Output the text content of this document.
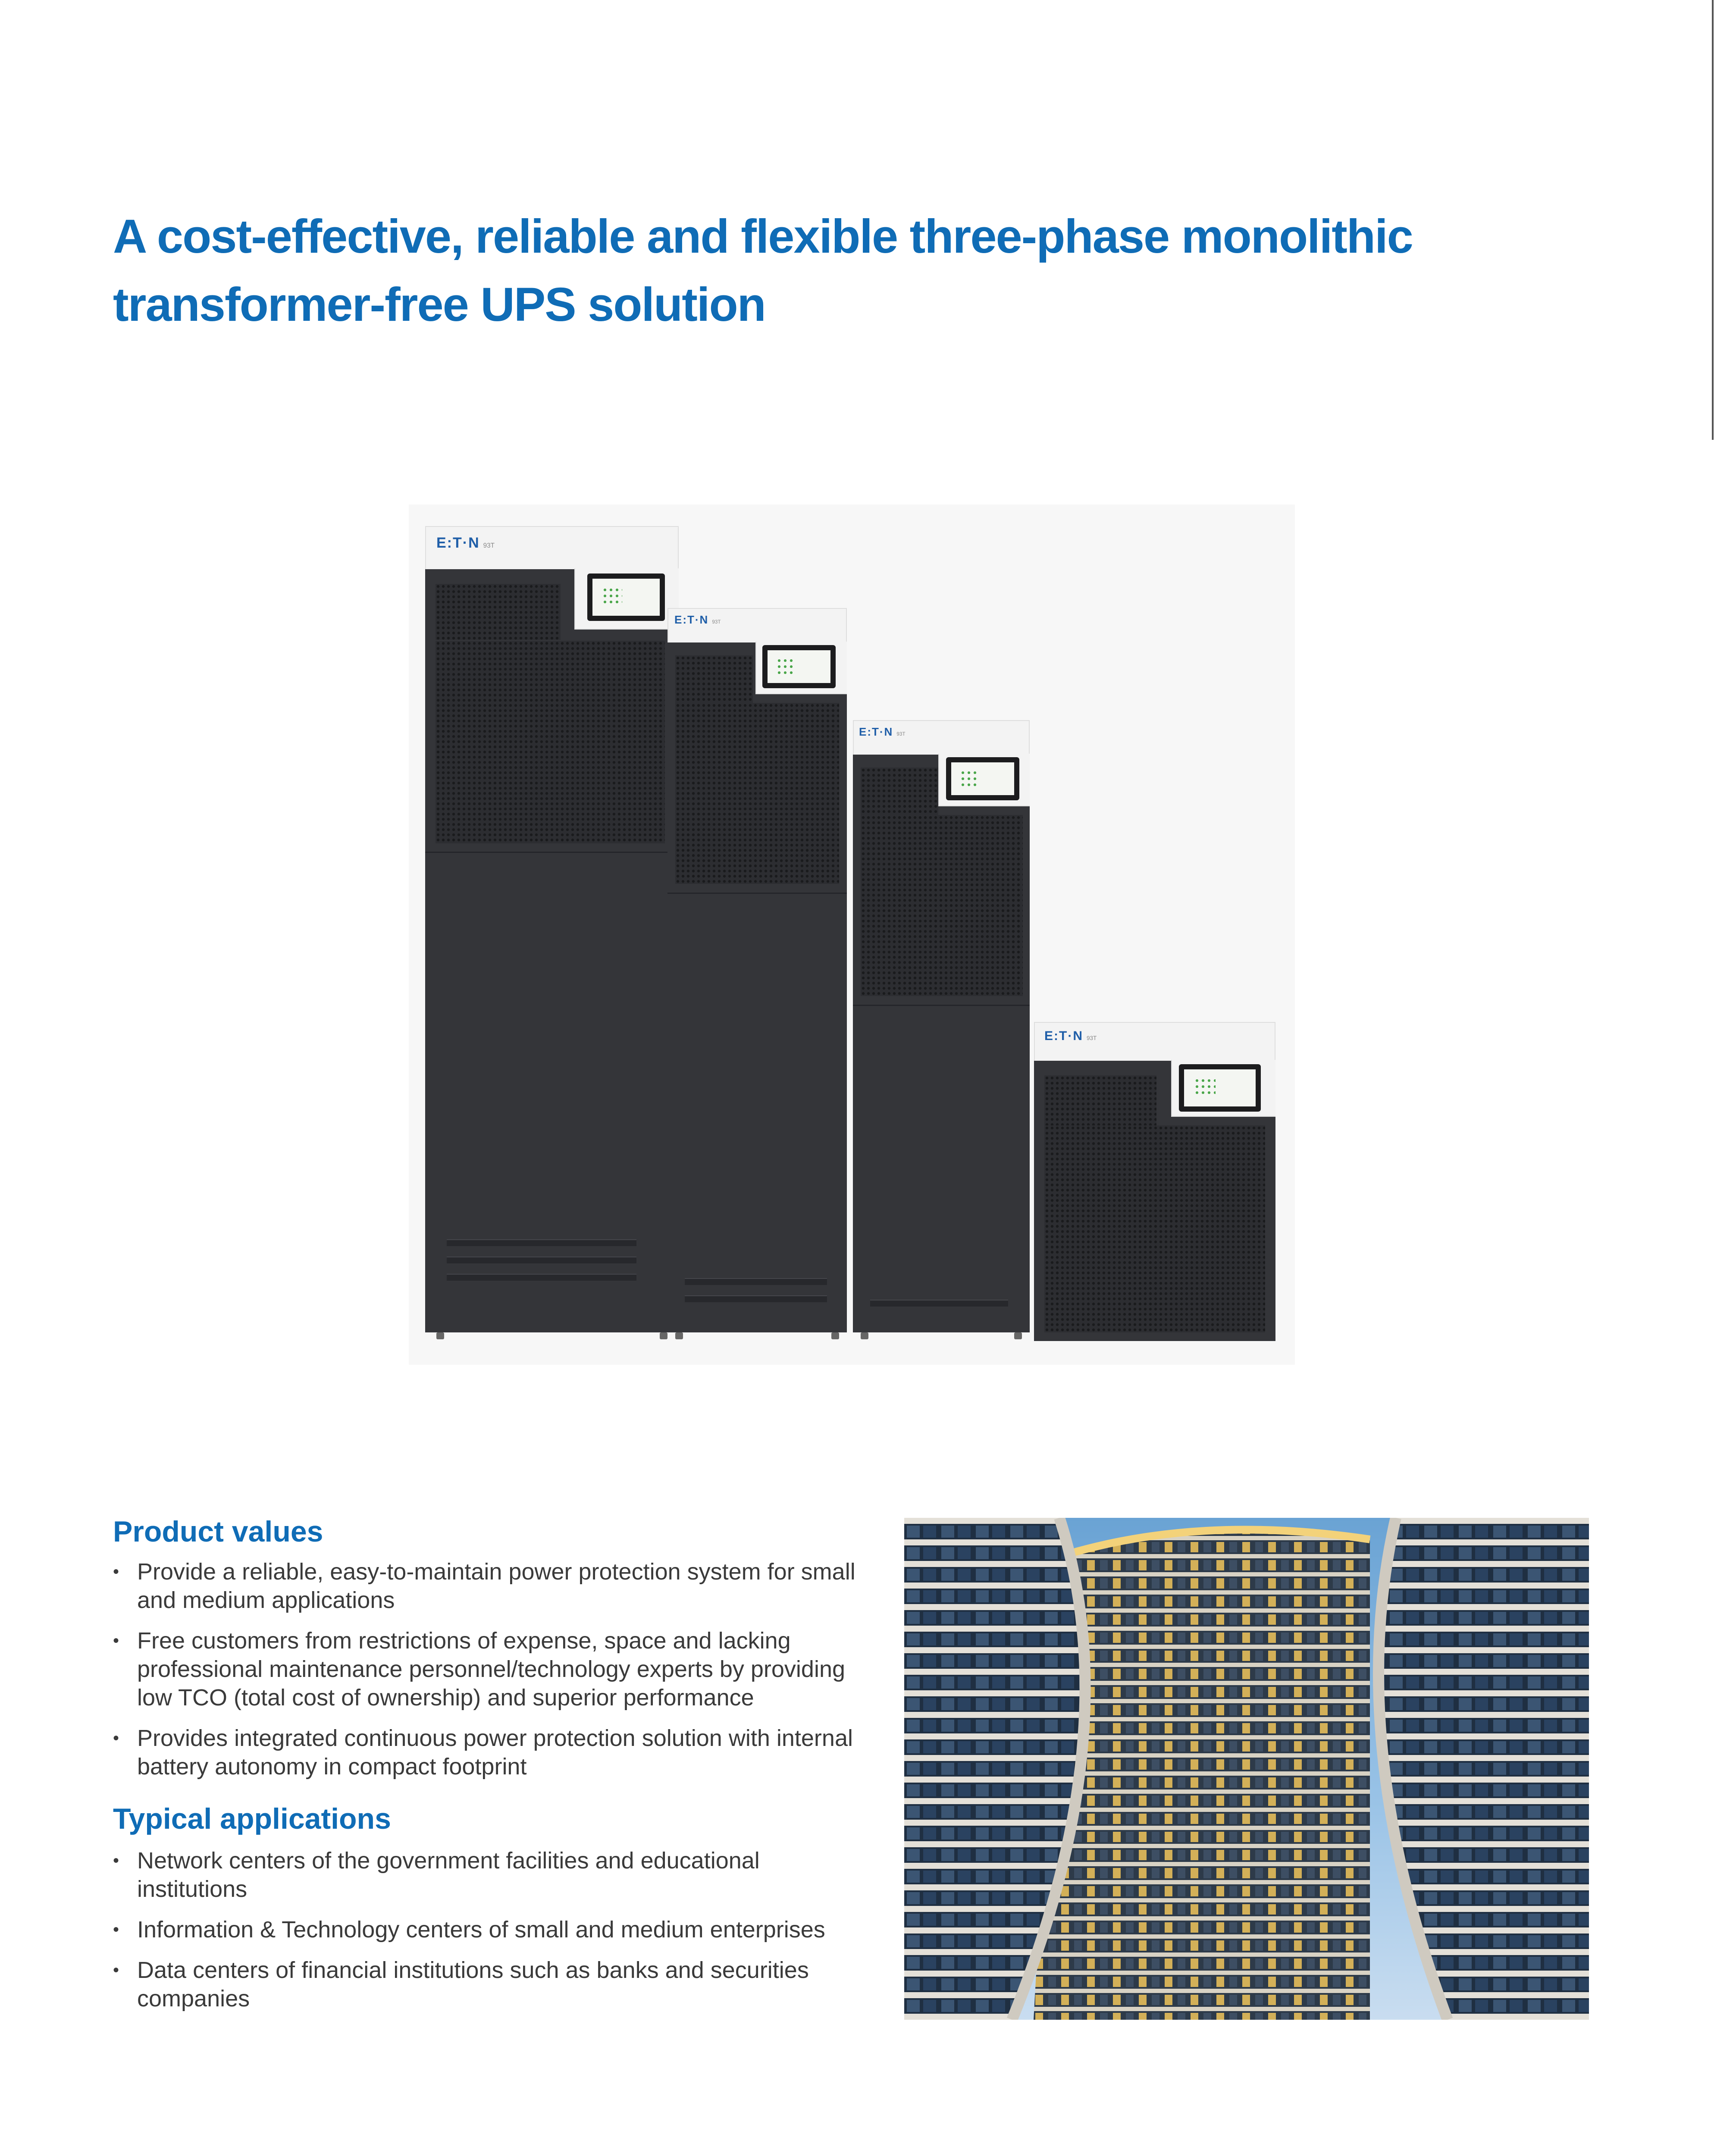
A cost-effective, reliable and flexible three-phase monolithic
transformer-free UPS solution
E:T·N 93T
E:T·N 93T
E:T·N 93T
E:T·N 93T
Product values
• Provide a reliable, easy-to-maintain power protection system for small and medium applications
• Free customers from restrictions of expense, space and lacking professional maintenance personnel/technology experts by providing low TCO (total cost of ownership) and superior performance
• Provides integrated continuous power protection solution with internal battery autonomy in compact footprint
Typical applications
• Network centers of the government facilities and educational institutions
• Information & Technology centers of small and medium enterprises
• Data centers of financial institutions such as banks and securities companies
